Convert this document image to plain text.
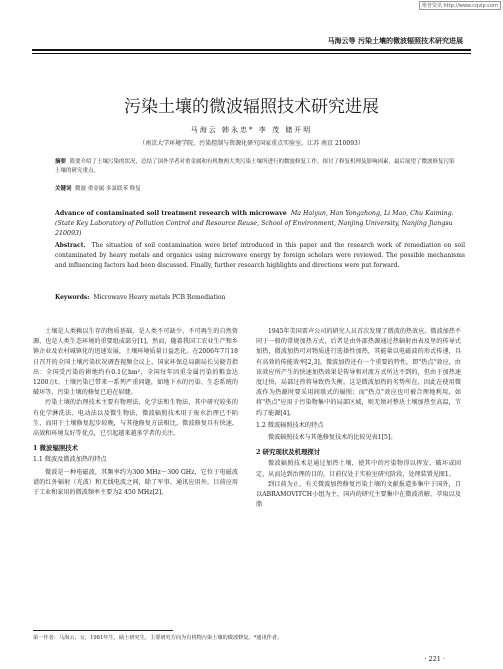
维普资讯 http://www.cqvip.com
马海云等 污染土壤的微波辐照技术研究进展
污染土壤的微波辐照技术研究进展
马海云 韩永忠* 李 茂 储开明
（南京大学环境学院，污染控制与资源化研究国家重点实验室，江苏 南京 210093）
摘要 简要介绍了土壤污染的状况，总结了国外学者对重金属和有机物两大类污染土壤所进行的微波修复工作，探讨了修复机理及影响因素，最后展望了微波修复污染土壤的研究重点。
关键词 微波 重金属 多氯联苯 修复
Advance of contaminated soil treatment research with microwave Ma Haiyun, Han Yongzhong, Li Mao, Chu Kaiming. (State Key Laboratory of Pollution Control and Resource Reuse, School of Environment, Nanjing University, Nanjing Jiangsu 210093)
Abstract. The situation of soil contamination were brief introduced in this paper and the research work of remediation on soil contaminated by heavy metals and organics using microwave energy by foreign scholars were reviewed. The possible mechanisms and influencing factors had been discussed. Finally, further research highlights and directions were put forward.
Keywords: Microwave Heavy metals PCB Remediation

土壤是人类赖以生存的物质基础，是人类不可缺少、不可再生的自然资源，也是人类生态环境的重要组成部分[1]。然而，随着我国工农业生产和乡镇企业及农村城镇化的迅速发展，土壤环境质量日益恶化。在2006年7月18日召开的全国土壤污染状况调查视频会议上，国家环保总局副局长吴晓青指出：全国受污染的耕地约有0.1亿hm²，全国每年因重金属污染的粮食达1200万t。土壤污染已带来一系列严重问题，如地下水的污染、生态系统的破坏等，污染土壤的修复已迫在眉睫。

污染土壤的治理技术主要有物理法、化学法和生物法，其中研究较多的有化学淋洗法、电动法以及微生物法，微波辐照技术用于废水治理已不陌生，而用于土壤修复起步较晚，与其他修复方法相比，微波修复具有快速、高效和环境友好等优点，已引起越来越多学者的关注。

1 微波辐照技术
1.1 微波及微波加热的特点

微波是一种电磁波，其频率约为300 MHz～300 GHz，它位于电磁波谱的红外辐射（光波）和无线电波之间，除了军事、通讯应用外，目前应用于工业和家用的微波频率主要为2 450 MHz[2]。

1945年美国雷声公司的研究人员首次发现了微波的热效应。微波加热不同于一般的常规加热方式，后者是由外部热源通过热辐射由表及里的传导式加热，微波加热可对物质进行选择性加热，其能量以电磁波的形式传递，具有高效的传能效率[2,3]。微波加热还有一个重要的特性，即"热点"效应，由该效应所产生的快速加热效果是传导和对流方式所达不到的，但由于加热速度过快，局部过热将导致热失衡，这是微波加热的劣势所在，因此在使用微波作为热源时要采用间歇式的辐照；而"热点"效应也可被合理地利用，如将"热点"应用于污染物集中的局部区域，则无须对整块土壤加热至高温，节约了能源[4]。

1.2 微波辐照技术的特点

微波辐照技术与其他修复技术的比较见表1[5]。

2 研究现状及机理探讨

微波辐照技术是通过加热土壤，使其中的污染物得以挥发、破坏或固定，从而达到治理的目的，目前仅处于实验室研究阶段，处理装置见图1。

到目前为止，有关微波加热修复污染土壤的文献报道多集中于国外，且以ABRAMOVITCH小组为主，国内的研究主要集中在微波消解、萃取以及脂

第一作者：马海云，女，1981年生，硕士研究生，主要研究方向为有机物污染土壤的微波修复。*通讯作者。
· 221 ·
